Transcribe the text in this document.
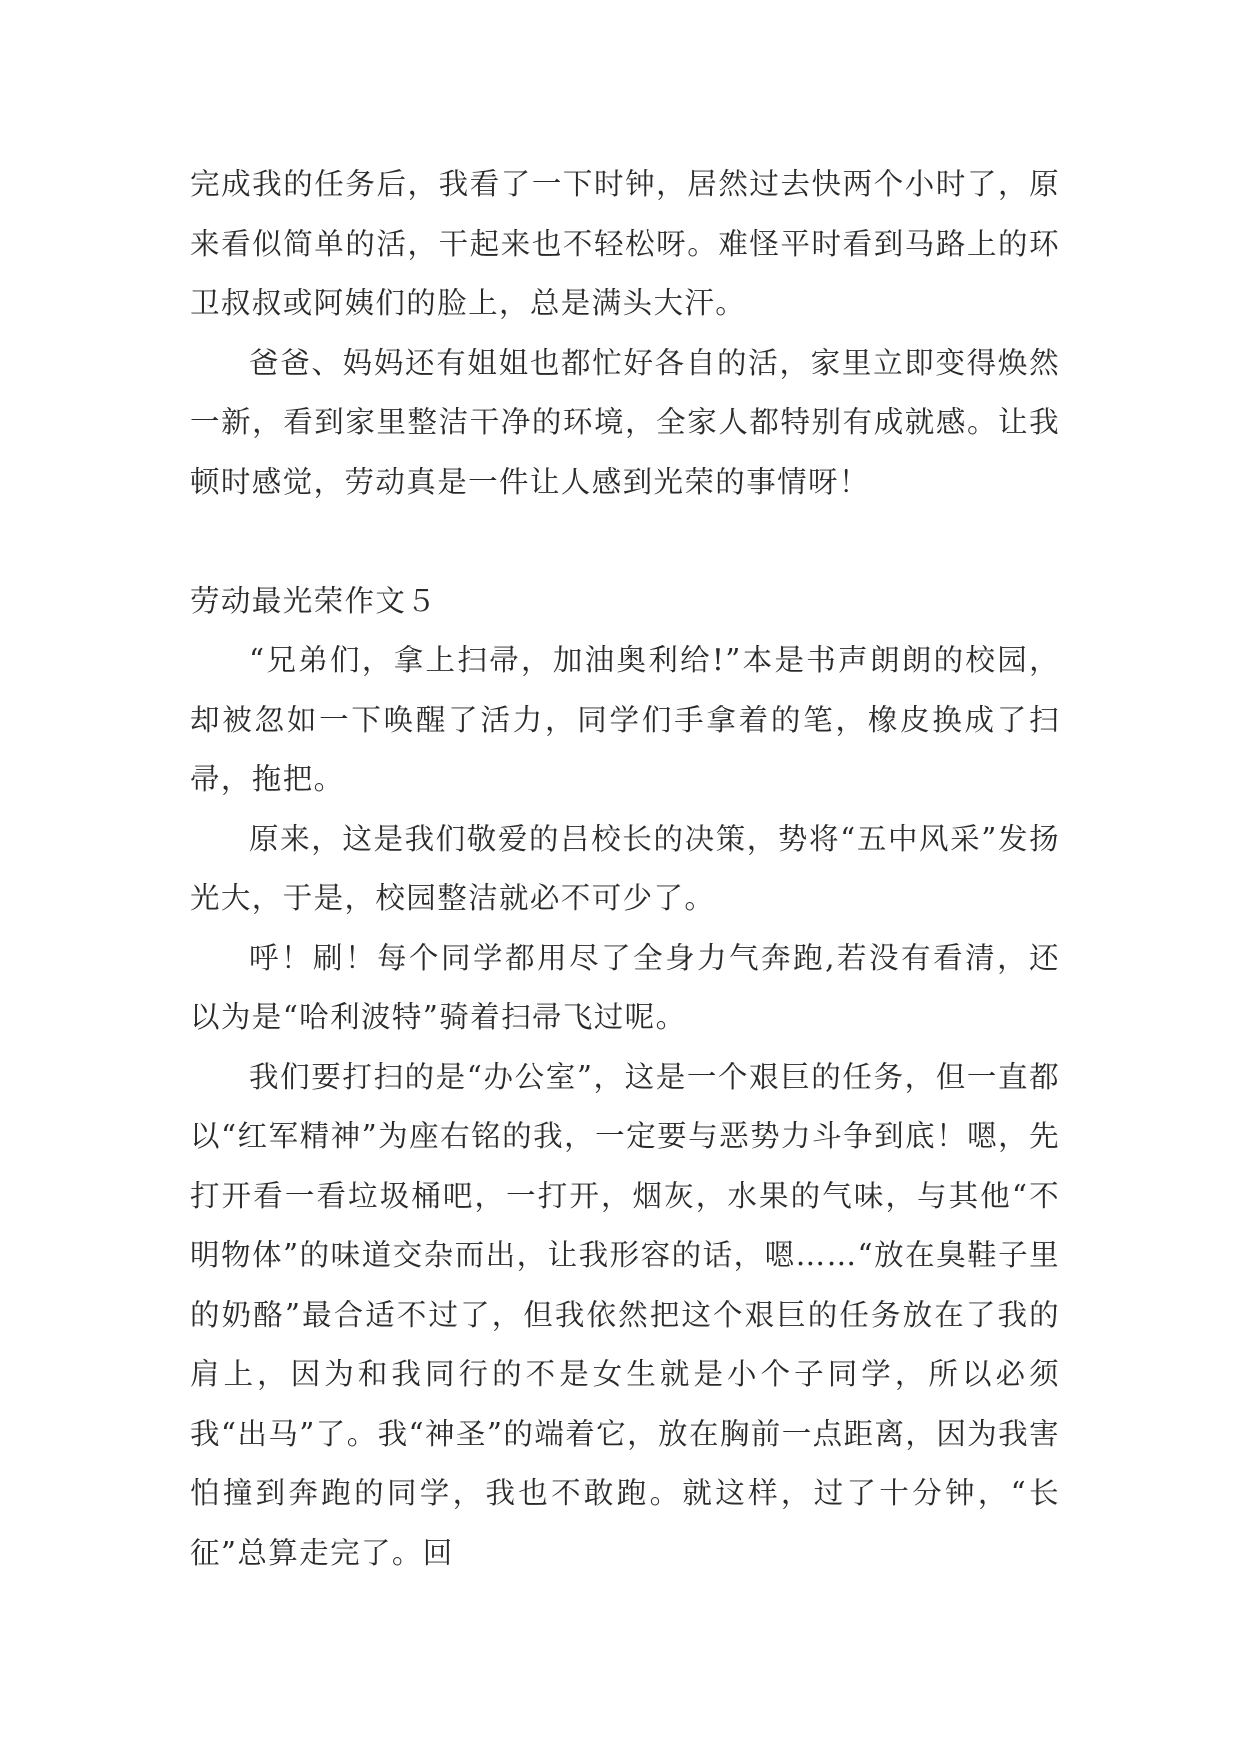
完成我的任务后，我看了一下时钟，居然过去快两个小时了，原来看似简单的活，干起来也不轻松呀。难怪平时看到马路上的环卫叔叔或阿姨们的脸上，总是满头大汗。

爸爸、妈妈还有姐姐也都忙好各自的活，家里立即变得焕然一新，看到家里整洁干净的环境，全家人都特别有成就感。让我顿时感觉，劳动真是一件让人感到光荣的事情呀！

劳动最光荣作文５

“兄弟们，拿上扫帚，加油奥利给!”本是书声朗朗的校园，却被忽如一下唤醒了活力，同学们手拿着的笔，橡皮换成了扫帚，拖把。

原来，这是我们敬爱的吕校长的决策，势将“五中风采”发扬光大，于是，校园整洁就必不可少了。

呼！刷！每个同学都用尽了全身力气奔跑,若没有看清，还以为是“哈利波特”骑着扫帚飞过呢。

我们要打扫的是“办公室”，这是一个艰巨的任务，但一直都以“红军精神”为座右铭的我，一定要与恶势力斗争到底！嗯，先打开看一看垃圾桶吧，一打开，烟灰，水果的气味，与其他“不明物体”的味道交杂而出，让我形容的话，嗯……“放在臭鞋子里的奶酪”最合适不过了，但我依然把这个艰巨的任务放在了我的肩上，因为和我同行的不是女生就是小个子同学，所以必须我“出马”了。我“神圣”的端着它，放在胸前一点距离，因为我害怕撞到奔跑的同学，我也不敢跑。就这样，过了十分钟，“长征”总算走完了。回
